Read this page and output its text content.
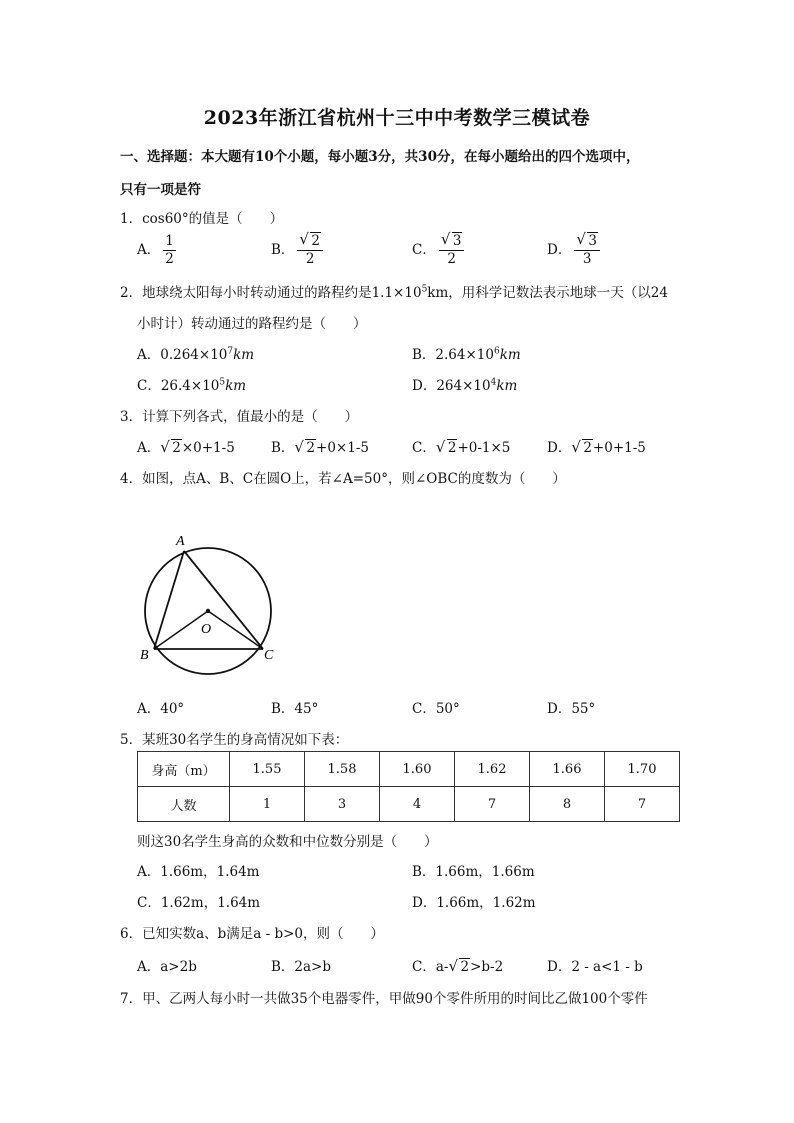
2023年浙江省杭州十三中中考数学三模试卷
一、选择题：本大题有10个小题，每小题3分，共30分，在每小题给出的四个选项中，
只有一项是符
1．cos60°的值是（　　）
A． $\frac{1}{2}$	B． √ $\frac{2}{2}$	C． √ $\frac{3}{2}$	D． √ $\frac{3}{3}$
2．地球绕太阳每小时转动通过的路程约是$1.1\times 10^5km$，用科学记数法表示地球一天（以24
小时计）转动通过的路程约是（　　）
A．$0.264\times 10^7km$	B．$2.64\times 10^6km$
C．$26.4\times 10^5km$	D．$264\times 10^4km$
3．计算下列各式，值最小的是（　　）
A． √ 2×0+1-5	B． √ 2+0×1-5	C． √ 2+0-1×5	D． √ 2+0+1-5
4．如图，点A、B、C在圆O上，若∠A=50°，则∠OBC的度数为（　　）
A
B	C
O
A．40°	B．45°	C．50°	D．55°
5．某班30名学生的身高情况如下表：
身高（m）	1.55	1.58	1.60	1.62	1.66	1.70
人数	1	3	4	7	8	7
则这30名学生身高的众数和中位数分别是（　　）
A．1.66m，1.64m	B．1.66m，1.66m
C．1.62m，1.64m	D．1.66m，1.62m
6．已知实数a、b满足a - b>0，则（　　）
A．a>2b	B．2a>b	C．a- √ 2>b-2	D．2 - a<1 - b
7．甲、乙两人每小时一共做35个电器零件，甲做90个零件所用的时间比乙做100个零件
